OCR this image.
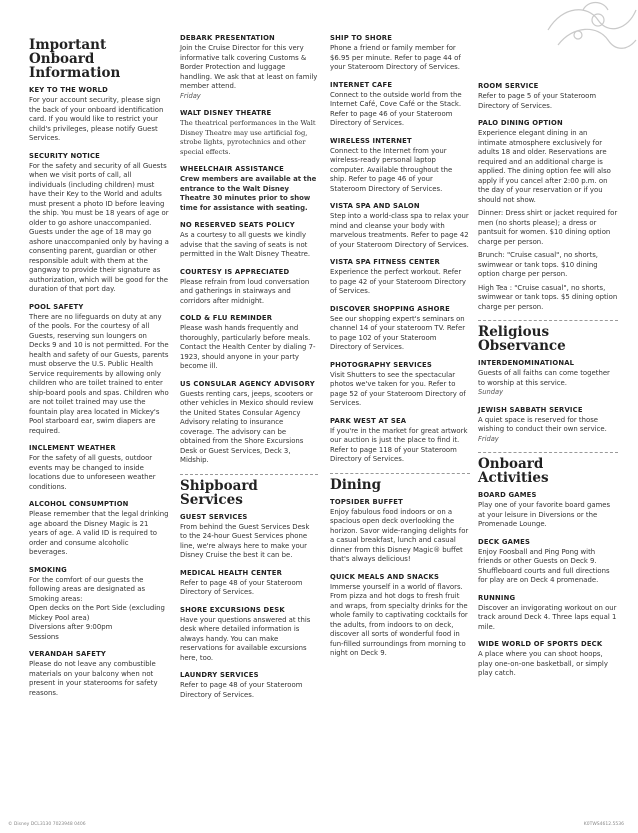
Important Onboard Information

KEY TO THE WORLD

For your account security, please sign the back of your onboard identification card. If you would like to restrict your child's privileges, please notify Guest Services.

SECURITY NOTICE

For the safety and security of all Guests when we visit ports of call, all individuals (including children) must have their Key to the World and adults must present a photo ID before leaving the ship. You must be 18 years of age or older to go ashore unaccompanied. Guests under the age of 18 may go ashore unaccompanied only by having a consenting parent, guardian or other responsible adult with them at the gangway to provide their signature as authorization, which will be good for the duration of that port day.

POOL SAFETY

There are no lifeguards on duty at any of the pools. For the courtesy of all Guests, reserving sun loungers on Decks 9 and 10 is not permitted. For the health and safety of our Guests, parents must observe the U.S. Public Health Service requirements by allowing only children who are toilet trained to enter ship-board pools and spas. Children who are not toilet trained may use the fountain play area located in Mickey's Pool starboard ear, swim diapers are required.

INCLEMENT WEATHER

For the safety of all guests, outdoor events may be changed to inside locations due to unforeseen weather conditions.

ALCOHOL CONSUMPTION

Please remember that the legal drinking age aboard the Disney Magic is 21 years of age. A valid ID is required to order and consume alcoholic beverages.

SMOKING

For the comfort of our guests the following areas are designated as Smoking areas:

Open decks on the Port Side (excluding Mickey Pool area)

Diversions after 9:00pm

Sessions

VERANDAH SAFETY

Please do not leave any combustible materials on your balcony when not present in your staterooms for safety reasons.

DEBARK PRESENTATION

Join the Cruise Director for this very informative talk covering Customs & Border Protection and luggage handling. We ask that at least on family member attend.

Friday

WALT DISNEY THEATRE

The theatrical performances in the Walt Disney Theatre may use artificial fog, strobe lights, pyrotechnics and other special effects.

WHEELCHAIR ASSISTANCE

Crew members are available at the entrance to the Walt Disney Theatre 30 minutes prior to show time for assistance with seating.

NO RESERVED SEATS POLICY

As a courtesy to all guests we kindly advise that the saving of seats is not permitted in the Walt Disney Theatre.

COURTESY IS APPRECIATED

Please refrain from loud conversation and gatherings in stairways and corridors after midnight.

COLD & FLU REMINDER

Please wash hands frequently and thoroughly, particularly before meals. Contact the Health Center by dialing 7-1923, should anyone in your party become ill.

US CONSULAR AGENCY ADVISORY

Guests renting cars, jeeps, scooters or other vehicles in Mexico should review the United States Consular Agency Advisory relating to insurance coverage. The advisory can be obtained from the Shore Excursions Desk or Guest Services, Deck 3, Midship.

Shipboard Services

GUEST SERVICES

From behind the Guest Services Desk to the 24-hour Guest Services phone line, we're always here to make your Disney Cruise the best it can be.

MEDICAL HEALTH CENTER

Refer to page 48 of your Stateroom Directory of Services.

SHORE EXCURSIONS DESK

Have your questions answered at this desk where detailed information is always handy. You can make reservations for available excursions here, too.

LAUNDRY SERVICES

Refer to page 48 of your Stateroom Directory of Services.

SHIP TO SHORE

Phone a friend or family member for $6.95 per minute. Refer to page 44 of your Stateroom Directory of Services.

INTERNET CAFE

Connect to the outside world from the Internet Café, Cove Café or the Stack. Refer to page 46 of your Stateroom Directory of Services.

WIRELESS INTERNET

Connect to the Internet from your wireless-ready personal laptop computer. Available throughout the ship. Refer to page 46 of your Stateroom Directory of Services.

VISTA SPA AND SALON

Step into a world-class spa to relax your mind and cleanse your body with marvelous treatments. Refer to page 42 of your Stateroom Directory of Services.

VISTA SPA FITNESS CENTER

Experience the perfect workout. Refer to page 42 of your Stateroom Directory of Services.

DISCOVER SHOPPING ASHORE

See our shopping expert's seminars on channel 14 of your stateroom TV. Refer to page 102 of your Stateroom Directory of Services.

PHOTOGRAPHY SERVICES

Visit Shutters to see the spectacular photos we've taken for you. Refer to page 52 of your Stateroom Directory of Services.

PARK WEST AT SEA

If you're in the market for great artwork our auction is just the place to find it. Refer to page 118 of your Stateroom Directory of Services.

Dining

TOPSIDER BUFFET

Enjoy fabulous food indoors or on a spacious open deck overlooking the horizon. Savor wide-ranging delights for a casual breakfast, lunch and casual dinner from this Disney Magic® buffet that's always delicious!

QUICK MEALS AND SNACKS

Immerse yourself in a world of flavors. From pizza and hot dogs to fresh fruit and wraps, from specialty drinks for the whole family to captivating cocktails for the adults, from indoors to on deck, discover all sorts of wonderful food in fun-filled surroundings from morning to night on Deck 9.

ROOM SERVICE

Refer to page 5 of your Stateroom Directory of Services.

PALO DINING OPTION

Experience elegant dining in an intimate atmosphere exclusively for adults 18 and older. Reservations are required and an additional charge is applied. The dining option fee will also apply if you cancel after 2:00 p.m. on the day of your reservation or if you should not show.

Dinner: Dress shirt or jacket required for men (no shorts please); a dress or pantsuit for women. $10 dining option charge per person.

Brunch: "Cruise casual", no shorts, swimwear or tank tops. $10 dining option charge per person.

High Tea : "Cruise casual", no shorts, swimwear or tank tops. $5 dining option charge per person.

Religious Observance

INTERDENOMINATIONAL

Guests of all faiths can come together to worship at this service.

Sunday

JEWISH SABBATH SERVICE

A quiet space is reserved for those wishing to conduct their own service.

Friday

Onboard Activities

BOARD GAMES

Play one of your favorite board games at your leisure in Diversions or the Promenade Lounge.

DECK GAMES

Enjoy Foosball and Ping Pong with friends or other Guests on Deck 9. Shuffleboard courts and full directions for play are on Deck 4 promenade.

RUNNING

Discover an invigorating workout on our track around Deck 4. Three laps equal 1 mile.

WIDE WORLD OF SPORTS DECK

A place where you can shoot hoops, play one-on-one basketball, or simply play catch.

© Disney DCL3130 7023948 0406	K0TWS4612.5536
